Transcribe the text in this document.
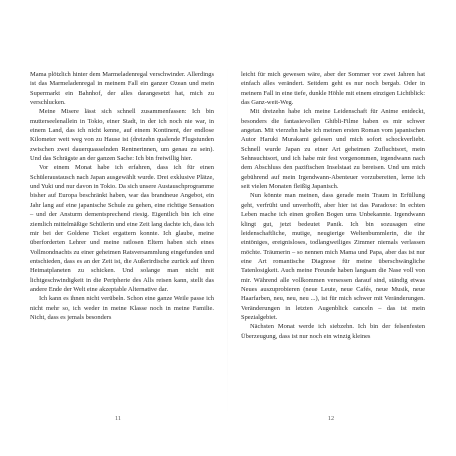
Mama plötzlich hinter dem Marmeladenregal verschwinder. Allerdings ist das Marmeladenregal in meinem Fall ein ganzer Ozean und mein Supermarkt ein Bahnhof, der alles darangesetzt hat, mich zu verschlucken.

Meine Misere lässt sich schnell zusammenfassen: Ich bin mutterseelenallein in Tokio, einer Stadt, in der ich noch nie war, in einem Land, das ich nicht kenne, auf einem Kontinent, der endlose Kilometer weit weg von zu Hause ist (dreizehn qualende Flugstunden zwischen zwei dauerquasselnden Rentnerinnen, um genau zu sein). Und das Schrägste an der ganzen Sache: Ich bin freiwillig hier.

Vor einem Monat habe ich erfahren, dass ich für einen Schüleraustausch nach Japan ausgewählt wurde. Drei exklusive Plätze, und Yuki und nur davon in Tokio. Da sich unsere Austauschprogramme bisher auf Europa beschränkt haben, war das brandneue Angebot, ein Jahr lang auf eine japanische Schule zu gehen, eine richtige Sensation – und der Ansturm dementsprechend riesig. Eigentlich bin ich eine ziemlich mittelmäßige Schülerin und eine Zeit lang dachte ich, dass ich mir bei der Goldene Ticket ergattern konnte. Ich glaube, meine überforderten Lehrer und meine ratlosen Eltern haben sich eines Vollmondnachts zu einer geheimen Ratsversammlung eingefunden und entschieden, dass es an der Zeit ist, die Außerirdische zurück auf ihren Heimatplaneten zu schicken. Und solange man nicht mit lichtgeschwindigkeit in die Peripherie des Alls reisen kann, stellt das andere Ende der Welt eine akzeptable Alternative dar.

Ich kann es ihnen nicht verübeln. Schon eine ganze Weile passe ich nicht mehr so, ich weder in meine Klasse noch in meine Familie. Nicht, dass es jemals besonders

leicht für mich gewesen wäre, aber der Sommer vor zwei Jahren hat einfach alles verändert. Seitdem geht es nur noch bergab. Oder in meinem Fall in eine tiefe, dunkle Höhle mit einem einzigen Lichtblick: das Ganz-weit-Weg.

Mit dreizehn habe ich meine Leidenschaft für Anime entdeckt, besonders die fantasievollen Ghibli-Filme haben es mir schwer angetan. Mit vierzehn habe ich meinen ersten Roman vom japanischen Autor Haruki Murakami gelesen und mich sofort schockverliebt. Schnell wurde Japan zu einer Art geheimen Zufluchtsort, mein Sehnsuchtsort, und ich habe mir fest vorgenommen, irgendwann nach dem Abschluss den pazifischen Inselstaat zu bereisen. Und um mich gebührend auf mein Irgendwann-Abenteuer vorzubereiten, lerne ich seit vielen Monaten fleißig Japanisch.

Nun könnte man meinen, dass gerade mein Traum in Erfüllung geht, verfrüht und unverhofft, aber hier ist das Paradoxe: In echten Leben mache ich einen großen Bogen ums Unbekannte. Irgendwann klingt gut, jetzt bedeutet Panik. Ich bin sozusagen eine leidenschaftliche, mutige, neugierige Weltenbummlerin, die ihr eintöniges, ereignisloses, todlangweiliges Zimmer niemals verlassen möchte. Träumerin – so nennen mich Mama und Papa, aber das ist nur eine Art romantische Diagnose für meine überschwängliche Tatenlosigkeit. Auch meine Freunde haben langsam die Nase voll von mir. Während alle vollkommen versessen darauf sind, ständig etwas Neues auszuprobieren (neue Leute, neue Cafés, neue Musik, neue Haarfarben, neu, neu, neu ...), ist für mich schwer mit Veränderungen. Veränderungen in letzten Augenblick canceln – das ist mein Spezialgebiet.

Nächsten Monat werde ich siebzehn. Ich bin der felsenfesten Überzeugung, dass ist nur noch ein winzig kleines

11	12
